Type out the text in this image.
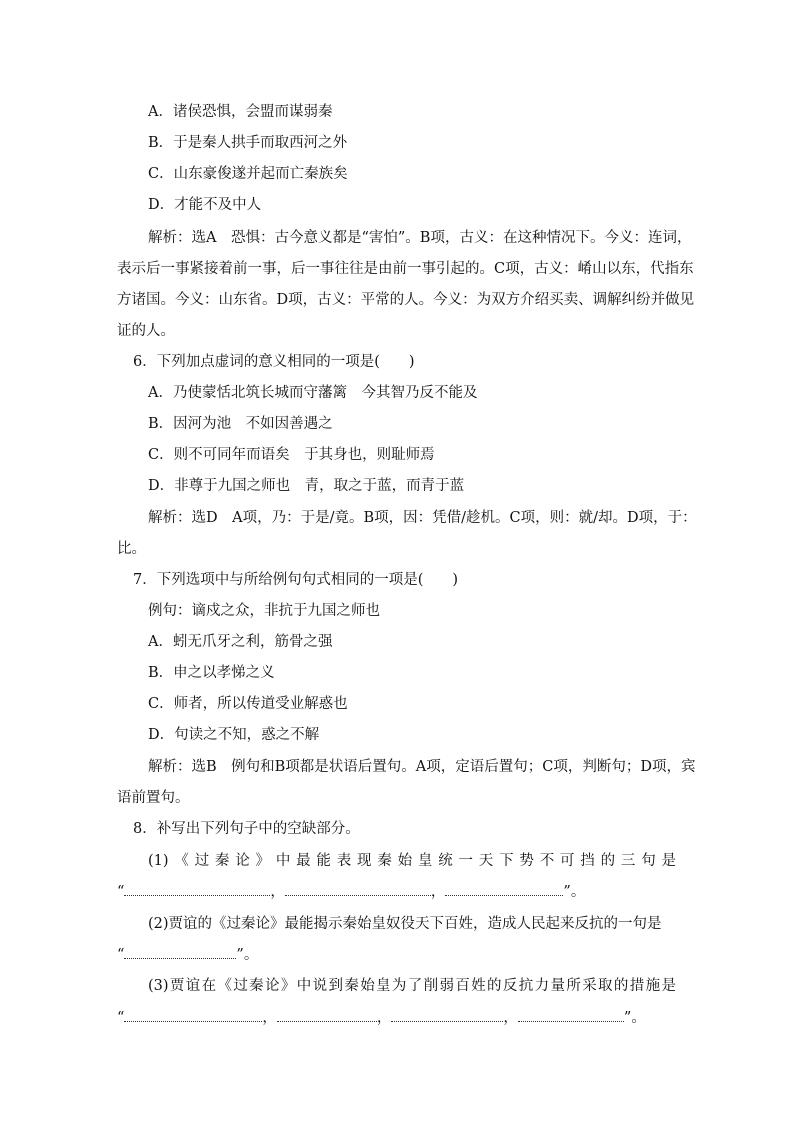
A．诸侯恐惧，会盟而谋弱秦
B．于是秦人拱手而取西河之外
C．山东豪俊遂并起而亡秦族矣
D．才能不及中人
解析：选A　恐惧：古今意义都是“害怕”。B项，古义：在这种情况下。今义：连词，
表示后一事紧接着前一事，后一事往往是由前一事引起的。C项，古义：崤山以东，代指东
方诸国。今义：山东省。D项，古义：平常的人。今义：为双方介绍买卖、调解纠纷并做见
证的人。
6．下列加点虚词的意义相同的一项是(　　)
A．乃使蒙恬北筑长城而守藩篱　今其智乃反不能及
B．因河为池　不如因善遇之
C．则不可同年而语矣　于其身也，则耻师焉
D．非尊于九国之师也　青，取之于蓝，而青于蓝
解析：选D　A项，乃：于是/竟。B项，因：凭借/趁机。C项，则：就/却。D项，于：
比。
7．下列选项中与所给例句句式相同的一项是(　　)
例句：谪戍之众，非抗于九国之师也
A．蚓无爪牙之利，筋骨之强
B．申之以孝悌之义
C．师者，所以传道受业解惑也
D．句读之不知，惑之不解
解析：选B　例句和B项都是状语后置句。A项，定语后置句；C项，判断句；D项，宾
语前置句。
8．补写出下列句子中的空缺部分。
(1)《过秦论》中最能表现秦始皇统一天下势不可挡的三句是
“	，	，	”。
(2)贾谊的《过秦论》最能揭示秦始皇奴役天下百姓，造成人民起来反抗的一句是
“	”。
(3)贾谊在《过秦论》中说到秦始皇为了削弱百姓的反抗力量所采取的措施是
“	，	，	，	”。
